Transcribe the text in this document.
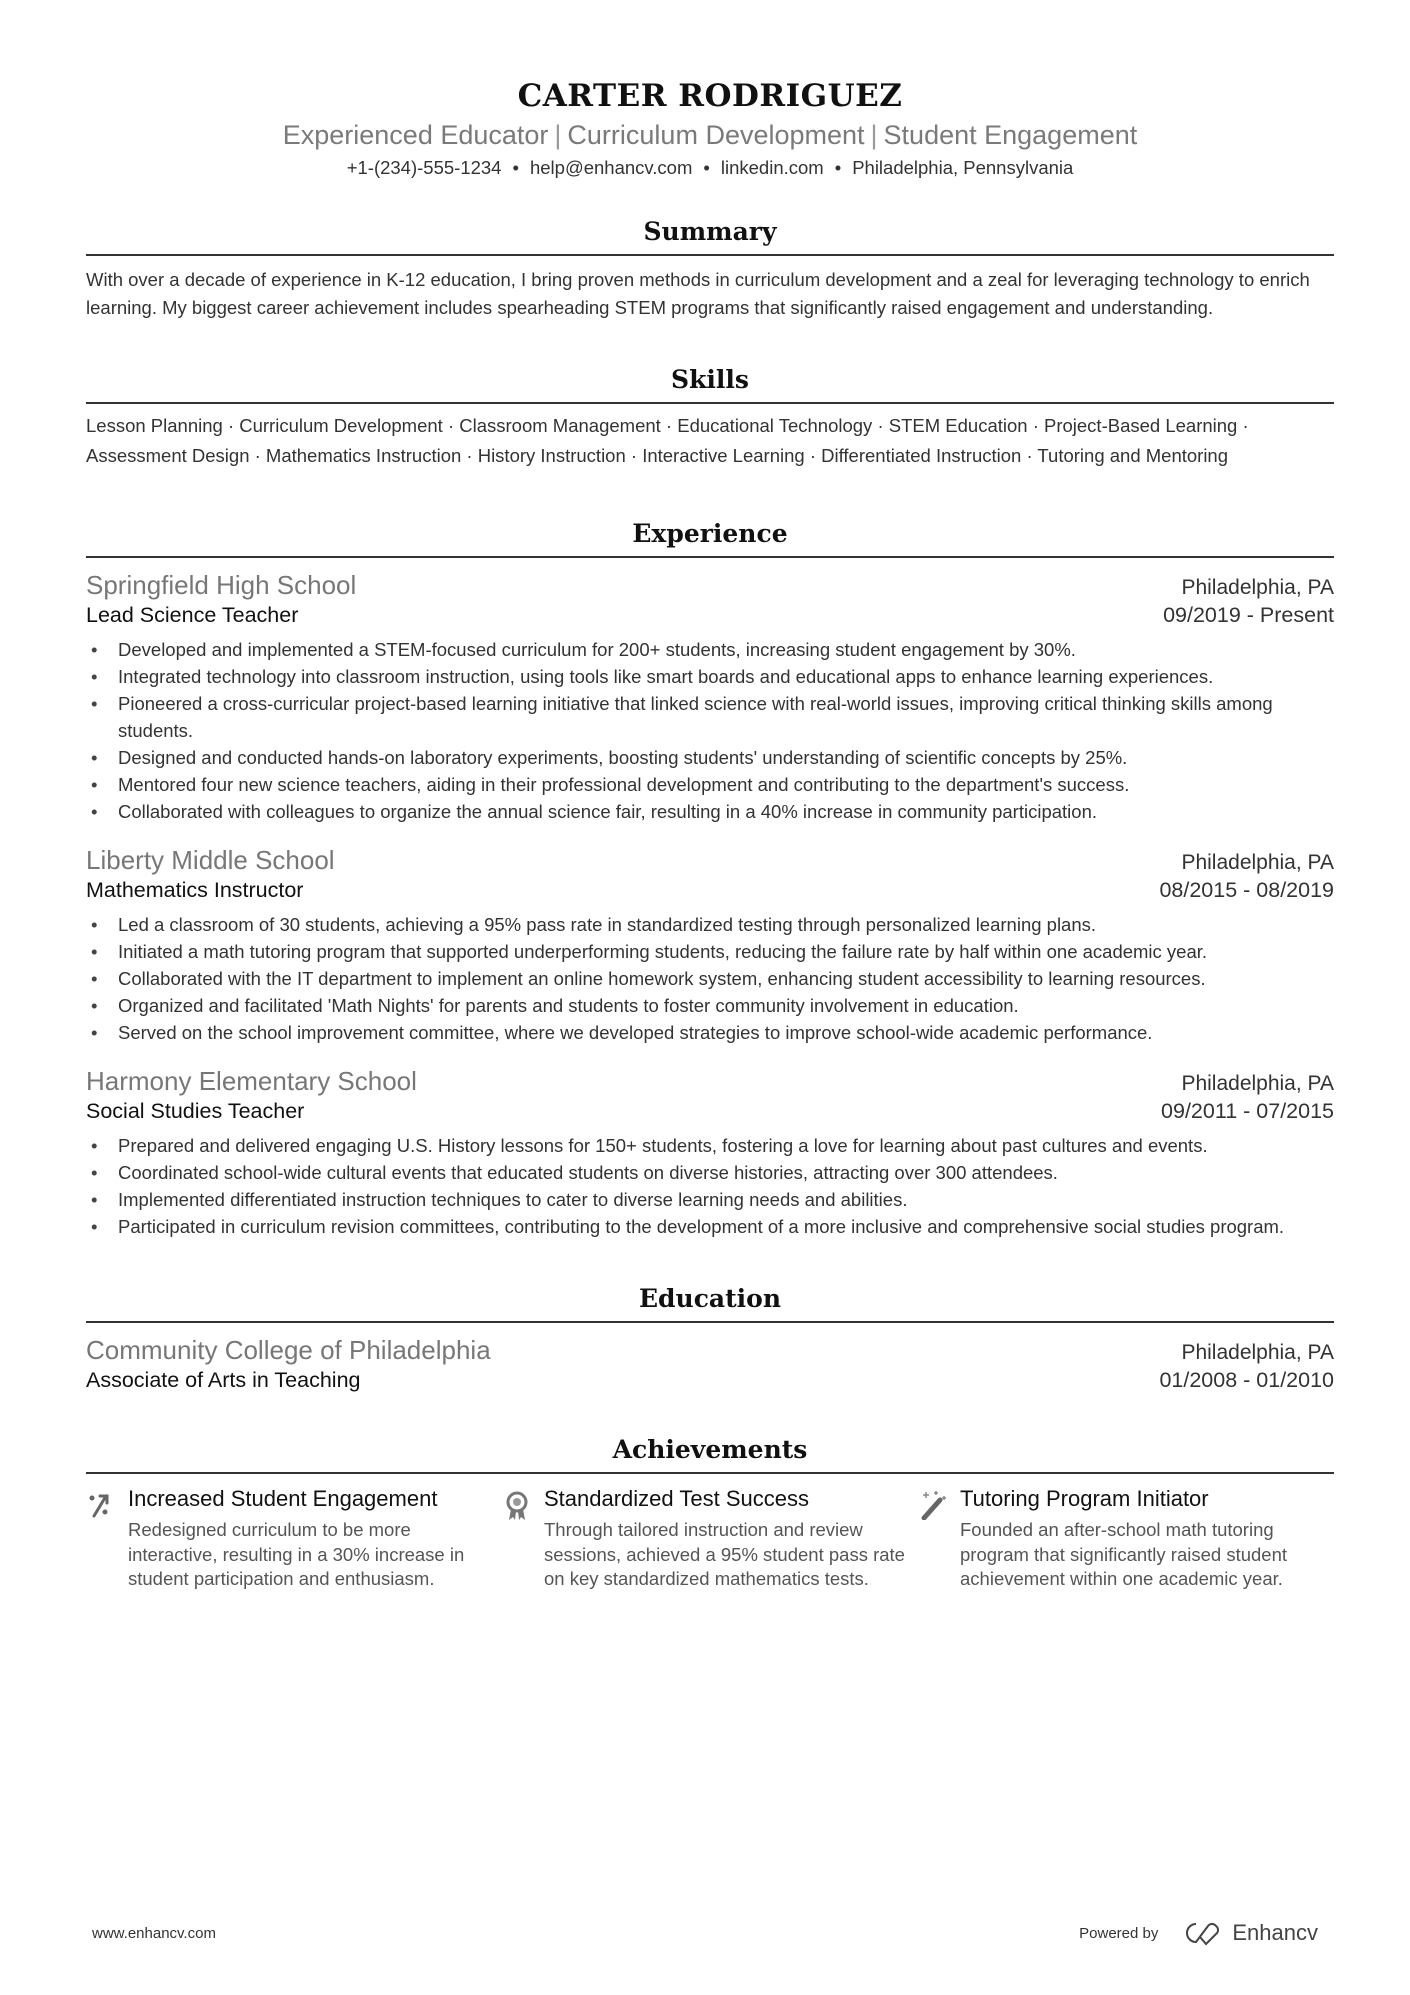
CARTER RODRIGUEZ
Experienced Educator | Curriculum Development | Student Engagement
+1-(234)-555-1234 • help@enhancv.com • linkedin.com • Philadelphia, Pennsylvania
Summary
With over a decade of experience in K-12 education, I bring proven methods in curriculum development and a zeal for leveraging technology to enrich learning. My biggest career achievement includes spearheading STEM programs that significantly raised engagement and understanding.
Skills
Lesson Planning · Curriculum Development · Classroom Management · Educational Technology · STEM Education · Project-Based Learning · Assessment Design · Mathematics Instruction · History Instruction · Interactive Learning · Differentiated Instruction · Tutoring and Mentoring
Experience
Springfield High School	Philadelphia, PA
Lead Science Teacher	09/2019 - Present
• Developed and implemented a STEM-focused curriculum for 200+ students, increasing student engagement by 30%.
• Integrated technology into classroom instruction, using tools like smart boards and educational apps to enhance learning experiences.
• Pioneered a cross-curricular project-based learning initiative that linked science with real-world issues, improving critical thinking skills among students.
• Designed and conducted hands-on laboratory experiments, boosting students' understanding of scientific concepts by 25%.
• Mentored four new science teachers, aiding in their professional development and contributing to the department's success.
• Collaborated with colleagues to organize the annual science fair, resulting in a 40% increase in community participation.
Liberty Middle School	Philadelphia, PA
Mathematics Instructor	08/2015 - 08/2019
• Led a classroom of 30 students, achieving a 95% pass rate in standardized testing through personalized learning plans.
• Initiated a math tutoring program that supported underperforming students, reducing the failure rate by half within one academic year.
• Collaborated with the IT department to implement an online homework system, enhancing student accessibility to learning resources.
• Organized and facilitated 'Math Nights' for parents and students to foster community involvement in education.
• Served on the school improvement committee, where we developed strategies to improve school-wide academic performance.
Harmony Elementary School	Philadelphia, PA
Social Studies Teacher	09/2011 - 07/2015
• Prepared and delivered engaging U.S. History lessons for 150+ students, fostering a love for learning about past cultures and events.
• Coordinated school-wide cultural events that educated students on diverse histories, attracting over 300 attendees.
• Implemented differentiated instruction techniques to cater to diverse learning needs and abilities.
• Participated in curriculum revision committees, contributing to the development of a more inclusive and comprehensive social studies program.
Education
Community College of Philadelphia	Philadelphia, PA
Associate of Arts in Teaching	01/2008 - 01/2010
Achievements
Increased Student Engagement
Redesigned curriculum to be more interactive, resulting in a 30% increase in student participation and enthusiasm.
Standardized Test Success
Through tailored instruction and review sessions, achieved a 95% student pass rate on key standardized mathematics tests.
Tutoring Program Initiator
Founded an after-school math tutoring program that significantly raised student achievement within one academic year.
www.enhancv.com	Powered by	Enhancv
